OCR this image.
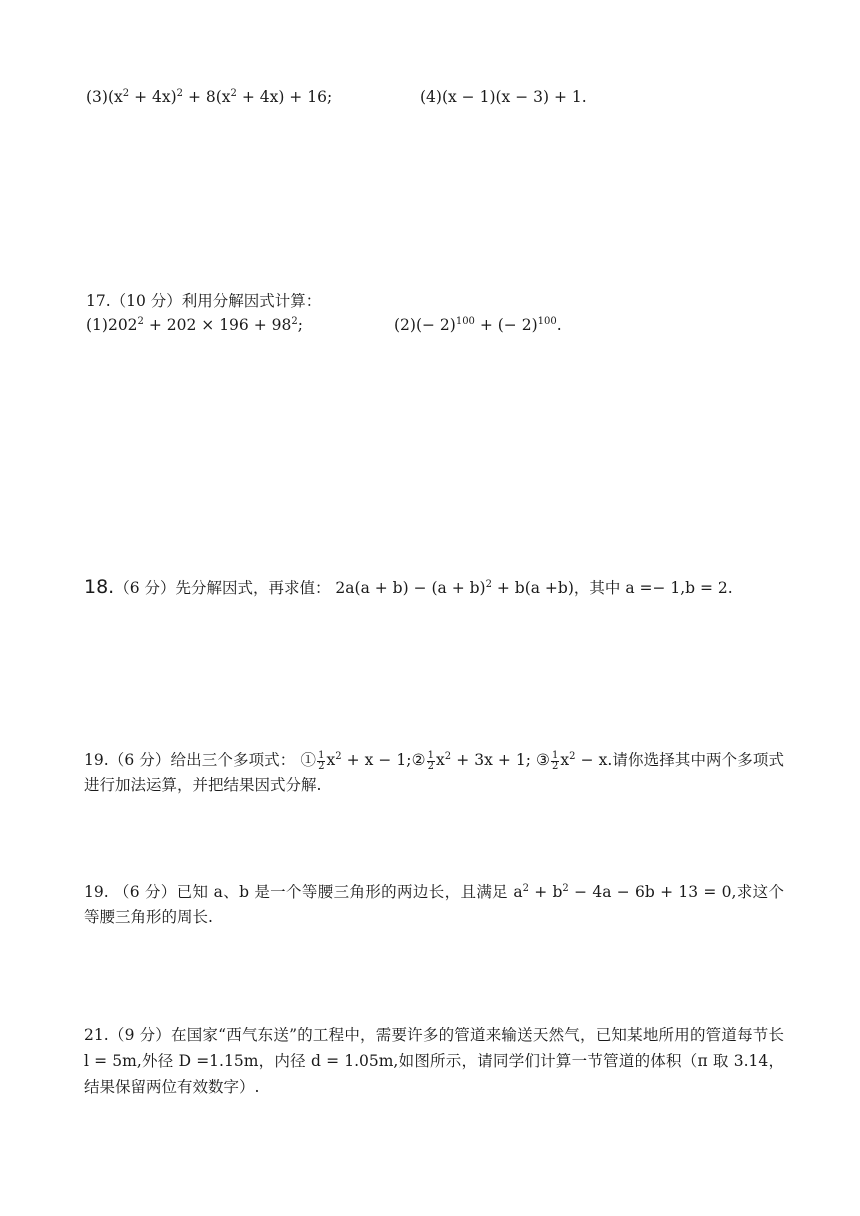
$(3)(x^2 + 4x)^2 + 8(x^2 + 4x) + 16$;	(4)(x − 1)(x − 3) + 1.
17.（10 分）利用分解因式计算：
$(1)202^2 + 202 \times 196 + 98^2$;	$(2)(- 2)^{100}$ + (− 2)$^{100}$.
18.（6 分）先分解因式，再求值： $2a(a + b) - (a + b)^2 + b(a +b)$，其中 a =− 1,b = 2.
19.（6 分）给出三个多项式： ① $\frac{1}{2} x^2 + x$ − 1;② $\frac{1}{2} x^2 + 3x + 1$; ③ $\frac{1}{2} x^2 - x$.请你选择其中两个多项式进行加法运算，并把结果因式分解.
19. （6 分）已知 a、b 是一个等腰三角形的两边长，且满足 $a^2 + b^2 - 4a - 6b + 13 = 0$,求这个等腰三角形的周长.
21.（9 分）在国家“西气东送”的工程中，需要许多的管道来输送天然气，已知某地所用的管道每节长 l = 5m,外径 D =1.15m，内径 d = 1.05m,如图所示，请同学们计算一节管道的体积（π 取 3.14，结果保留两位有效数字）.
